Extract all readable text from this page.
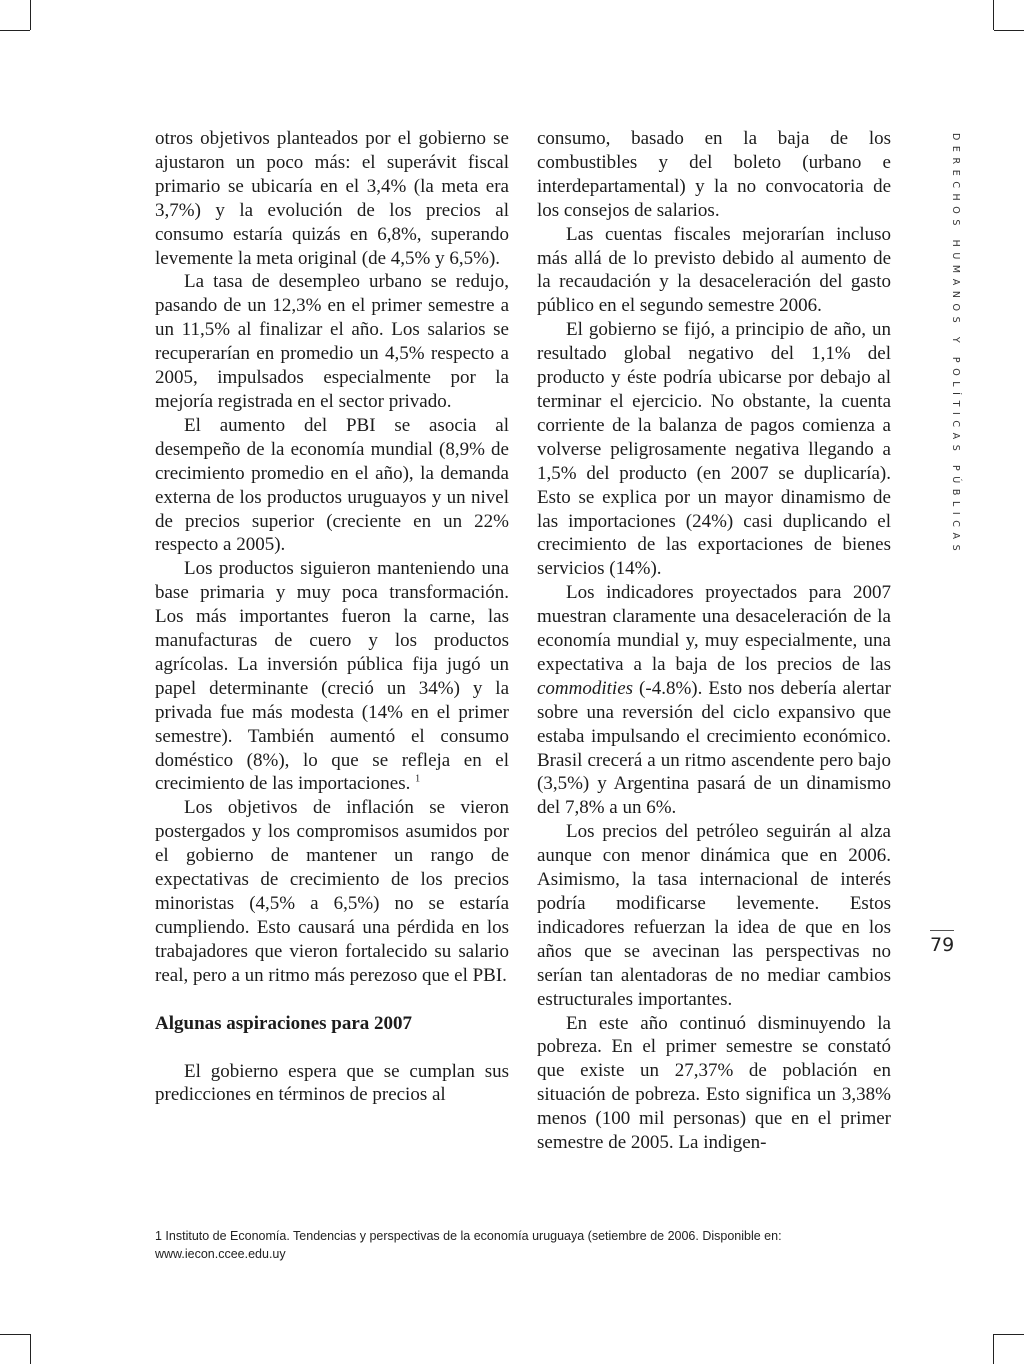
otros objetivos planteados por el gobierno se ajustaron un poco más: el superávit fiscal primario se ubicaría en el 3,4% (la meta era 3,7%) y la evolución de los precios al consumo estaría quizás en 6,8%, superando levemente la meta original (de 4,5% y 6,5%).

La tasa de desempleo urbano se redujo, pasando de un 12,3% en el primer semestre a un 11,5% al finalizar el año. Los salarios se recuperarían en promedio un 4,5% respecto a 2005, impulsados especialmente por la mejoría registrada en el sector privado.

El aumento del PBI se asocia al desempeño de la economía mundial (8,9% de crecimiento promedio en el año), la demanda externa de los productos uruguayos y un nivel de precios superior (creciente en un 22% respecto a 2005).

Los productos siguieron manteniendo una base primaria y muy poca transformación. Los más importantes fueron la carne, las manufacturas de cuero y los productos agrícolas. La inversión pública fija jugó un papel determinante (creció un 34%) y la privada fue más modesta (14% en el primer semestre). También aumentó el consumo doméstico (8%), lo que se refleja en el crecimiento de las importaciones. $^1$

Los objetivos de inflación se vieron postergados y los compromisos asumidos por el gobierno de mantener un rango de expectativas de crecimiento de los precios minoristas (4,5% a 6,5%) no se estaría cumpliendo. Esto causará una pérdida en los trabajadores que vieron fortalecido su salario real, pero a un ritmo más perezoso que el PBI.

Algunas aspiraciones para 2007

El gobierno espera que se cumplan sus predicciones en términos de precios al

consumo, basado en la baja de los combustibles y del boleto (urbano e interdepartamental) y la no convocatoria de los consejos de salarios.

Las cuentas fiscales mejorarían incluso más allá de lo previsto debido al aumento de la recaudación y la desaceleración del gasto público en el segundo semestre 2006.

El gobierno se fijó, a principio de año, un resultado global negativo del 1,1% del producto y éste podría ubicarse por debajo al terminar el ejercicio. No obstante, la cuenta corriente de la balanza de pagos comienza a volverse peligrosamente negativa llegando a 1,5% del producto (en 2007 se duplicaría). Esto se explica por un mayor dinamismo de las importaciones (24%) casi duplicando el crecimiento de las exportaciones de bienes servicios (14%).

Los indicadores proyectados para 2007 muestran claramente una desaceleración de la economía mundial y, muy especialmente, una expectativa a la baja de los precios de las commodities (-4.8%). Esto nos debería alertar sobre una reversión del ciclo expansivo que estaba impulsando el crecimiento económico. Brasil crecerá a un ritmo ascendente pero bajo (3,5%) y Argentina pasará de un dinamismo del 7,8% a un 6%.

Los precios del petróleo seguirán al alza aunque con menor dinámica que en 2006. Asimismo, la tasa internacional de interés podría modificarse levemente. Estos indicadores refuerzan la idea de que en los años que se avecinan las perspectivas no serían tan alentadoras de no mediar cambios estructurales importantes.

En este año continuó disminuyendo la pobreza. En el primer semestre se constató que existe un 27,37% de población en situación de pobreza. Esto significa un 3,38% menos (100 mil personas) que en el primer semestre de 2005. La indigen-

DERECHOS HUMANOS Y POLÍTICAS PÚBLICAS
79
1 Instituto de Economía. Tendencias y perspectivas de la economía uruguaya (setiembre de 2006. Disponible en: www.iecon.ccee.edu.uy
